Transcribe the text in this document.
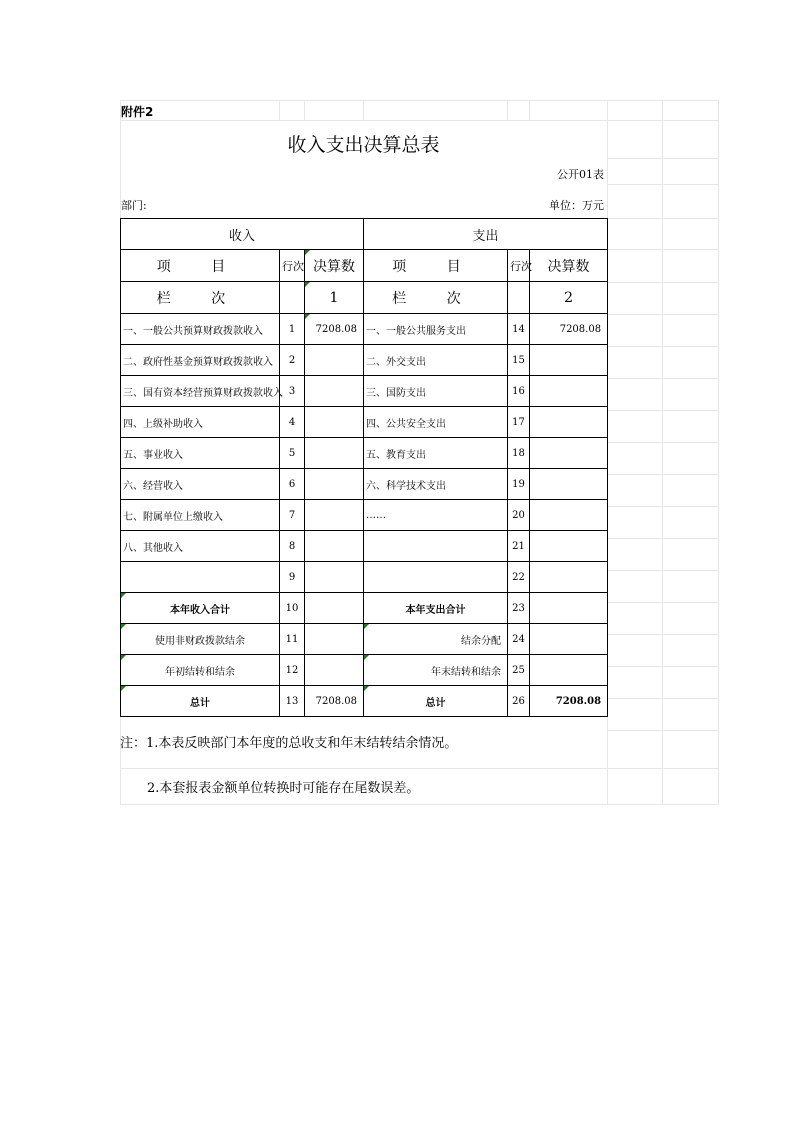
附件2
收入支出决算总表
公开01表
部门:	单位：万元
收入			支出		
项 目	行次	决算数	项 目	行次	决算数
栏 次		1	栏 次		2
一、一般公共预算财政拨款收入	1	7208.08	一、一般公共服务支出	14	7208.08
二、政府性基金预算财政拨款收入	2		二、外交支出	15	
三、国有资本经营预算财政拨款收入	3		三、国防支出	16	
四、上级补助收入	4		四、公共安全支出	17	
五、事业收入	5		五、教育支出	18	
六、经营收入	6		六、科学技术支出	19	
七、附属单位上缴收入	7		……	20	
八、其他收入	8			21	
	9			22	
本年收入合计	10		本年支出合计	23	
使用非财政拨款结余	11		结余分配	24	
年初结转和结余	12		年末结转和结余	25	
总计	13	7208.08	总计	26	7208.08
注：1.本表反映部门本年度的总收支和年末结转结余情况。
2.本套报表金额单位转换时可能存在尾数误差。
